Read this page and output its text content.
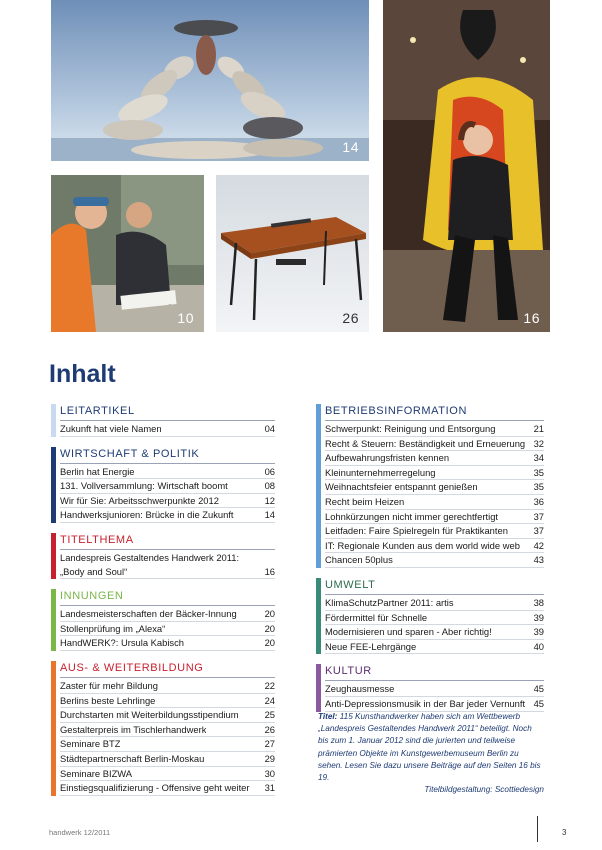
14
10	26	16
Inhalt
LEITARTIKEL
Zukunft hat viele Namen	04
WIRTSCHAFT & POLITIK
Berlin hat Energie	06
131. Vollversammlung: Wirtschaft boomt	08
Wir für Sie: Arbeitsschwerpunkte 2012	12
Handwerksjunioren: Brücke in die Zukunft	14
TITELTHEMA
Landespreis Gestaltendes Handwerk 2011:
„Body and Soul“	16
INNUNGEN
Landesmeisterschaften der Bäcker-Innung	20
Stollenprüfung im „Alexa“	20
HandWERK?: Ursula Kabisch	20
AUS- & WEITERBILDUNG
Zaster für mehr Bildung	22
Berlins beste Lehrlinge	24
Durchstarten mit Weiterbildungsstipendium	25
Gestalterpreis im Tischlerhandwerk	26
Seminare BTZ	27
Städtepartnerschaft Berlin-Moskau	29
Seminare BIZWA	30
Einstiegsqualifizierung - Offensive geht weiter	31
BETRIEBSINFORMATION
Schwerpunkt: Reinigung und Entsorgung	21
Recht & Steuern: Beständigkeit und Erneuerung 32
Aufbewahrungsfristen kennen	34
Kleinunternehmerregelung	35
Weihnachtsfeier entspannt genießen	35
Recht beim Heizen	36
Lohnkürzungen nicht immer gerechtfertigt	37
Leitfaden: Faire Spielregeln für Praktikanten	37
IT: Regionale Kunden aus dem world wide web	42
Chancen 50plus	43
UMWELT
KlimaSchutzPartner 2011: artis	38
Fördermittel für Schnelle	39
Modernisieren und sparen - Aber richtig!	39
Neue FEE-Lehrgänge	40
KULTUR
Zeughausmesse	45
Anti-Depressionsmusik in der Bar jeder Vernunft 45
Titel: 115 Kunsthandwerker haben sich am Wettbewerb „Landespreis Gestaltendes Handwerk 2011“ beteiligt. Noch bis zum 1. Januar 2012 sind die jurierten und teilweise prämierten Objekte im Kunstgewerbemuseum Berlin zu sehen. Lesen Sie dazu unsere Beiträge auf den Seiten 16 bis 19.
Titelbildgestaltung: Scottiedesign
handwerk 12/2011	3
